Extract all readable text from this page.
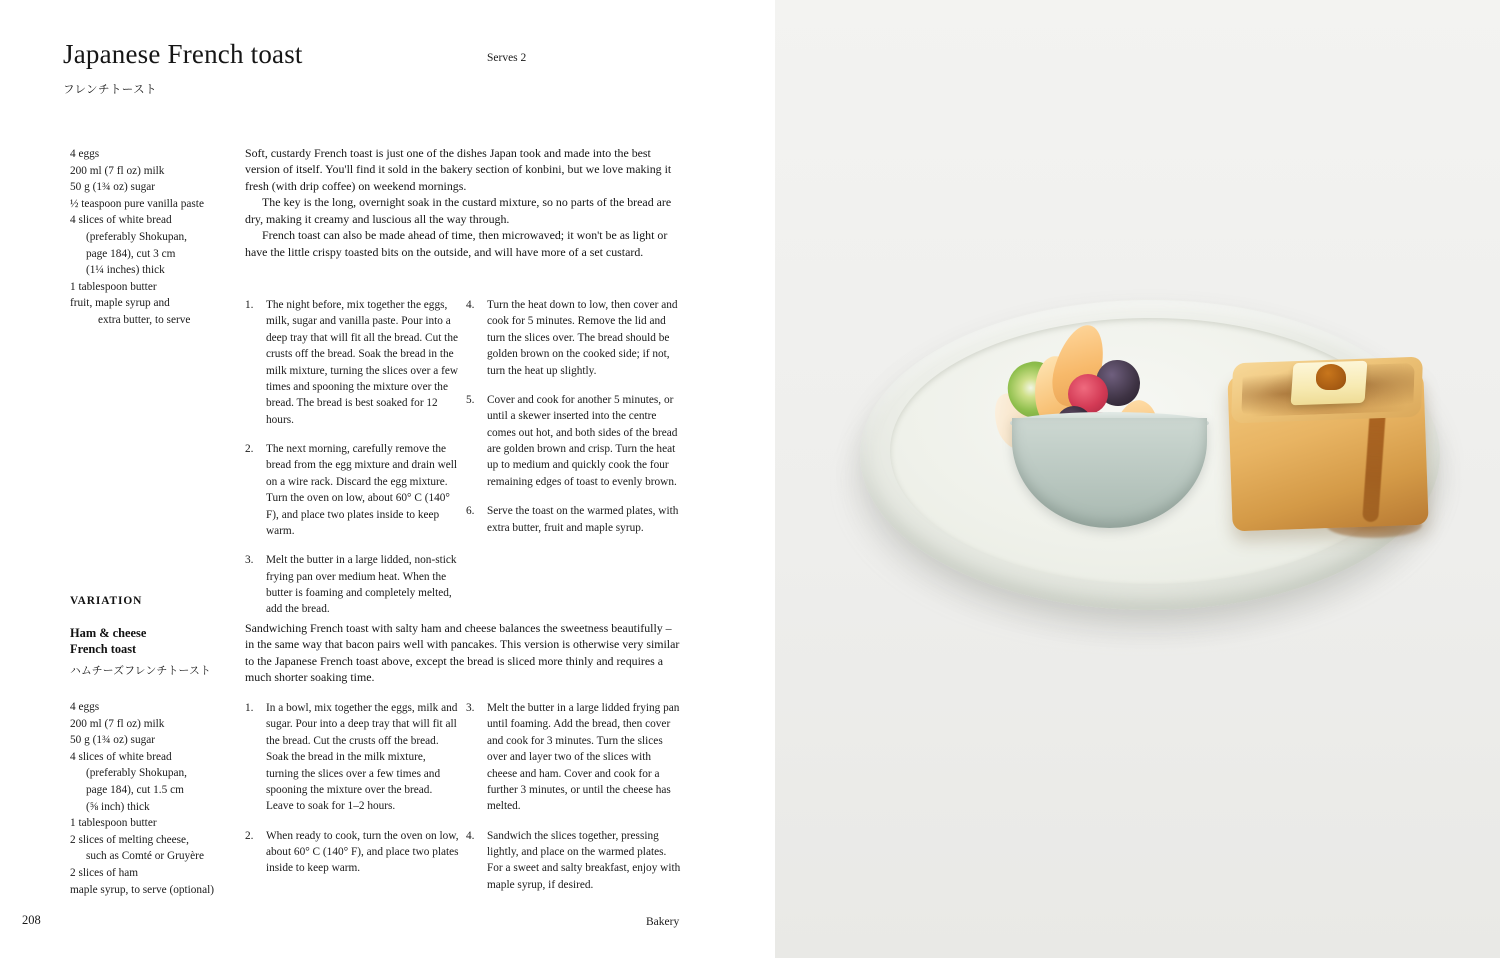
Japanese French toast
フレンチトースト
Serves 2
4 eggs
200 ml (7 fl oz) milk
50 g (1¾ oz) sugar
½ teaspoon pure vanilla paste
4 slices of white bread
(preferably Shokupan,
page 184), cut 3 cm
(1¼ inches) thick
1 tablespoon butter
fruit, maple syrup and
extra butter, to serve

Soft, custardy French toast is just one of the dishes Japan took and made into the best version of itself. You'll find it sold in the bakery section of konbini, but we love making it fresh (with drip coffee) on weekend mornings.

The key is the long, overnight soak in the custard mixture, so no parts of the bread are dry, making it creamy and luscious all the way through.

French toast can also be made ahead of time, then microwaved; it won't be as light or have the little crispy toasted bits on the outside, and will have more of a set custard.

1.	The night before, mix together the eggs, milk, sugar and vanilla paste. Pour into a deep tray that will fit all the bread. Cut the crusts off the bread. Soak the bread in the milk mixture, turning the slices over a few times and spooning the mixture over the bread. The bread is best soaked for 12 hours.
2.	The next morning, carefully remove the bread from the egg mixture and drain well on a wire rack. Discard the egg mixture. Turn the oven on low, about 60° C (140° F), and place two plates inside to keep warm.
3.	Melt the butter in a large lidded, non-stick frying pan over medium heat. When the butter is foaming and completely melted, add the bread.
4.	Turn the heat down to low, then cover and cook for 5 minutes. Remove the lid and turn the slices over. The bread should be golden brown on the cooked side; if not, turn the heat up slightly.
5.	Cover and cook for another 5 minutes, or until a skewer inserted into the centre comes out hot, and both sides of the bread are golden brown and crisp. Turn the heat up to medium and quickly cook the four remaining edges of toast to evenly brown.
6.	Serve the toast on the warmed plates, with extra butter, fruit and maple syrup.
VARIATION
Ham & cheese
French toast
ハムチーズフレンチトースト

Sandwiching French toast with salty ham and cheese balances the sweetness beautifully – in the same way that bacon pairs well with pancakes. This version is otherwise very similar to the Japanese French toast above, except the bread is sliced more thinly and requires a much shorter soaking time.

4 eggs
200 ml (7 fl oz) milk
50 g (1¾ oz) sugar
4 slices of white bread
(preferably Shokupan,
page 184), cut 1.5 cm
(⅝ inch) thick
1 tablespoon butter
2 slices of melting cheese,
such as Comté or Gruyère
2 slices of ham
maple syrup, to serve (optional)
1.	In a bowl, mix together the eggs, milk and sugar. Pour into a deep tray that will fit all the bread. Cut the crusts off the bread. Soak the bread in the milk mixture, turning the slices over a few times and spooning the mixture over the bread. Leave to soak for 1–2 hours.
2.	When ready to cook, turn the oven on low, about 60° C (140° F), and place two plates inside to keep warm.
3.	Melt the butter in a large lidded frying pan until foaming. Add the bread, then cover and cook for 3 minutes. Turn the slices over and layer two of the slices with cheese and ham. Cover and cook for a further 3 minutes, or until the cheese has melted.
4.	Sandwich the slices together, pressing lightly, and place on the warmed plates. For a sweet and salty breakfast, enjoy with maple syrup, if desired.
208	Bakery
